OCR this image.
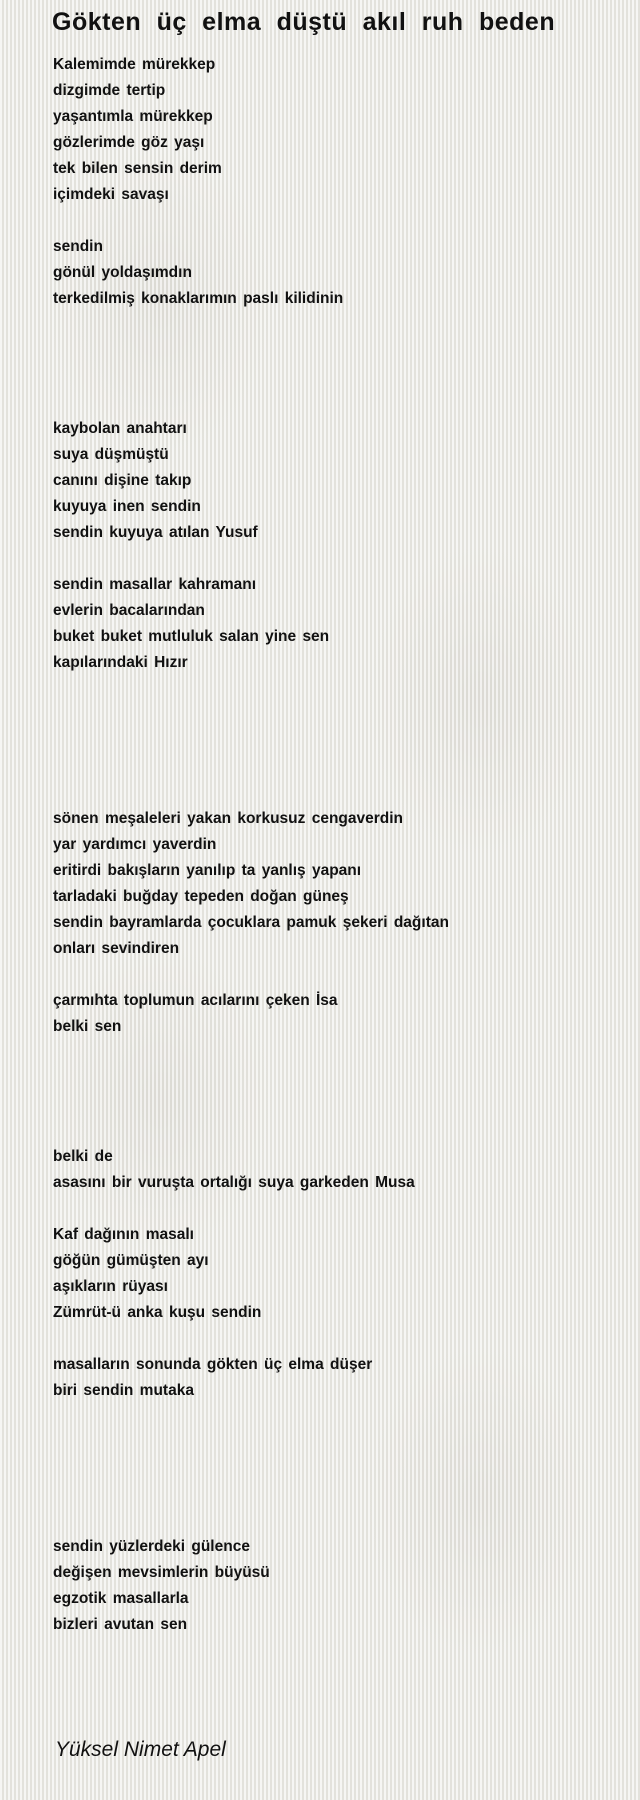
Gökten üç elma düştü akıl ruh beden
Kalemimde mürekkep
dizgimde tertip
yaşantımla mürekkep
gözlerimde göz yaşı
tek bilen sensin derim
içimdeki savaşı
sendin
gönül yoldaşımdın
terkedilmiş konaklarımın paslı kilidinin
kaybolan anahtarı
suya düşmüştü
canını dişine takıp
kuyuya inen sendin
sendin kuyuya atılan Yusuf
sendin masallar kahramanı
evlerin bacalarından
buket buket mutluluk salan yine sen
kapılarındaki Hızır
sönen meşaleleri yakan korkusuz cengaverdin
yar yardımcı yaverdin
eritirdi bakışların yanılıp ta yanlış yapanı
tarladaki buğday tepeden doğan güneş
sendin bayramlarda çocuklara pamuk şekeri dağıtan
onları sevindiren
çarmıhta toplumun acılarını çeken İsa
belki sen
belki de
asasını bir vuruşta ortalığı suya garkeden Musa
Kaf dağının masalı
göğün gümüşten ayı
aşıkların rüyası
Zümrüt-ü anka kuşu sendin
masalların sonunda gökten üç elma düşer
biri sendin mutaka
sendin yüzlerdeki gülence
değişen mevsimlerin büyüsü
egzotik masallarla
bizleri avutan sen
Yüksel Nimet Apel
